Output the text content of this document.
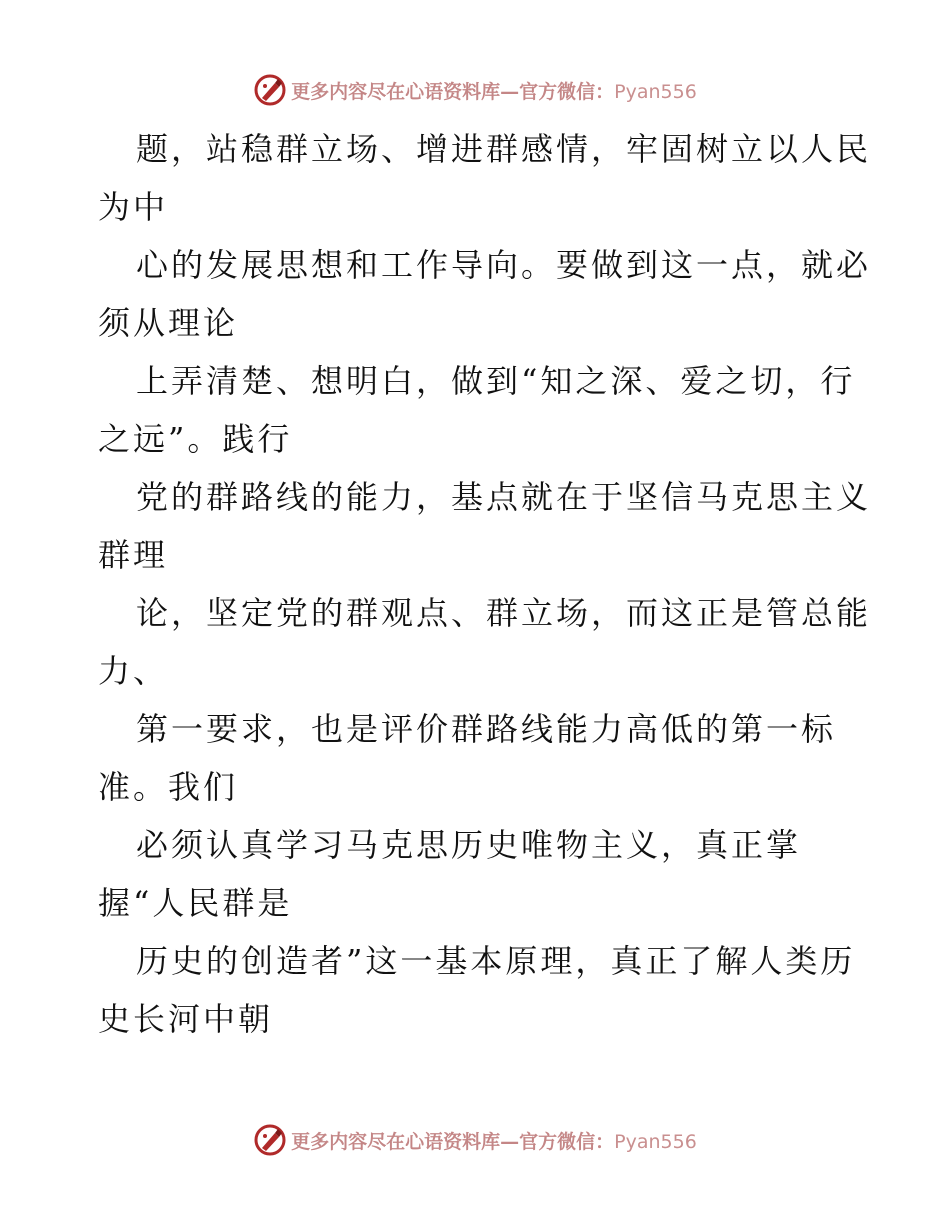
更多内容尽在心语资料库—官方微信：Pyan556
题，站稳群立场、增进群感情，牢固树立以人民
为中
心的发展思想和工作导向。要做到这一点，就必
须从理论
上弄清楚、想明白，做到“知之深、爱之切，行
之远”。践行
党的群路线的能力，基点就在于坚信马克思主义
群理
论，坚定党的群观点、群立场，而这正是管总能
力、
第一要求，也是评价群路线能力高低的第一标
准。我们
必须认真学习马克思历史唯物主义，真正掌
握“人民群是
历史的创造者”这一基本原理，真正了解人类历
史长河中朝
更多内容尽在心语资料库—官方微信：Pyan556
